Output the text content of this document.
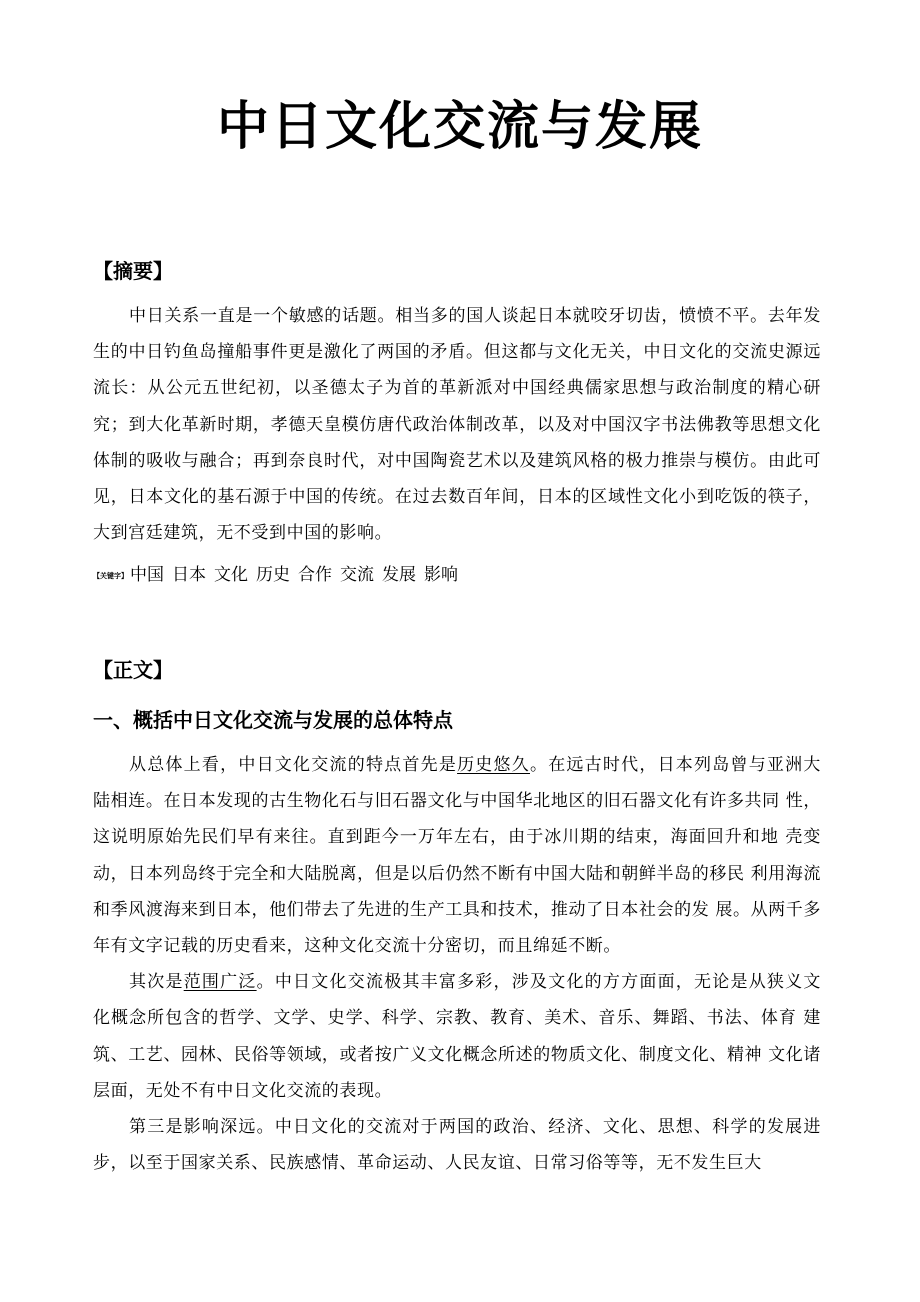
中日文化交流与发展
【摘要】

中日关系一直是一个敏感的话题。相当多的国人谈起日本就咬牙切齿，愤愤不平。去年发生的中日钓鱼岛撞船事件更是激化了两国的矛盾。但这都与文化无关，中日文化的交流史源远流长：从公元五世纪初，以圣德太子为首的革新派对中国经典儒家思想与政治制度的精心研究；到大化革新时期，孝德天皇模仿唐代政治体制改革，以及对中国汉字书法佛教等思想文化体制的吸收与融合；再到奈良时代，对中国陶瓷艺术以及建筑风格的极力推崇与模仿。由此可见，日本文化的基石源于中国的传统。在过去数百年间，日本的区域性文化小到吃饭的筷子，大到宫廷建筑，无不受到中国的影响。

【关键字】 中国 日本 文化 历史 合作 交流 发展 影响
【正文】
一、概括中日文化交流与发展的总体特点

从总体上看，中日文化交流的特点首先是历史悠久。在远古时代，日本列岛曾与亚洲大 陆相连。在日本发现的古生物化石与旧石器文化与中国华北地区的旧石器文化有许多共同 性，这说明原始先民们早有来往。直到距今一万年左右，由于冰川期的结束，海面回升和地 壳变动，日本列岛终于完全和大陆脱离，但是以后仍然不断有中国大陆和朝鲜半岛的移民 利用海流和季风渡海来到日本，他们带去了先进的生产工具和技术，推动了日本社会的发 展。从两千多年有文字记载的历史看来，这种文化交流十分密切，而且绵延不断。

其次是范围广泛。中日文化交流极其丰富多彩，涉及文化的方方面面，无论是从狭义文 化概念所包含的哲学、文学、史学、科学、宗教、教育、美术、音乐、舞蹈、书法、体育 建筑、工艺、园林、民俗等领域，或者按广义文化概念所述的物质文化、制度文化、精神 文化诸层面，无处不有中日文化交流的表现。

第三是影响深远。中日文化的交流对于两国的政治、经济、文化、思想、科学的发展进步，以至于国家关系、民族感情、革命运动、人民友谊、日常习俗等等，无不发生巨大
